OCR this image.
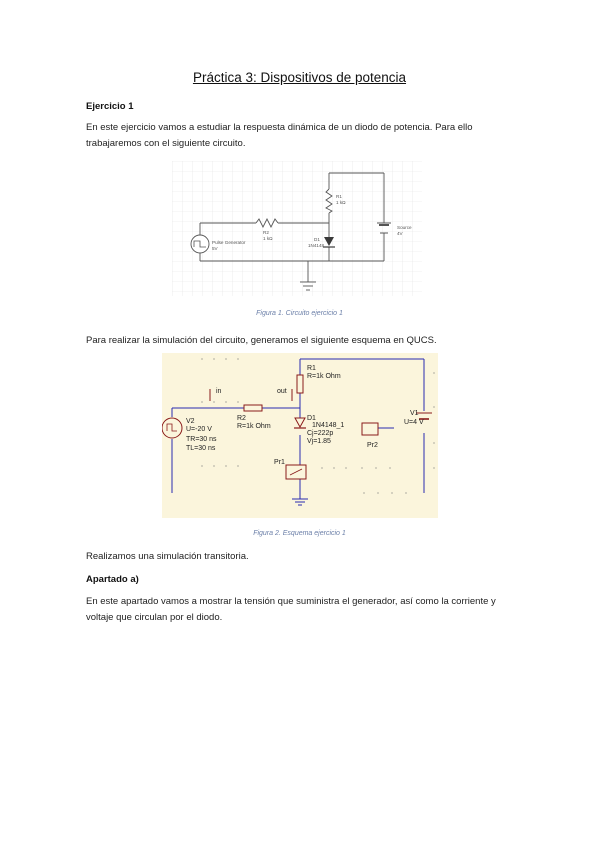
Práctica 3: Dispositivos de potencia
Ejercicio 1
En este ejercicio vamos a estudiar la respuesta dinámica de un diodo de potencia. Para ello trabajaremos con el siguiente circuito.
R1
1 kΩ
R2
1 kΩ	D1
1N4148
Pulse Generator
5V
Source
4V
Figura 1. Circuito ejercicio 1
Para realizar la simulación del circuito, generamos el siguiente esquema en QUCS.
R1
R=1k Ohm
in	out
R2
R=1k Ohm
V2
U=-20 V
TR=30 ns
TL=30 ns
D1
1N4148_1
Cj=222p
Vj=1.85
V1
U=4 V
Pr2
Pr1
Figura 2. Esquema ejercicio 1
Realizamos una simulación transitoria.
Apartado a)
En este apartado vamos a mostrar la tensión que suministra el generador, así como la corriente y voltaje que circulan por el diodo.
